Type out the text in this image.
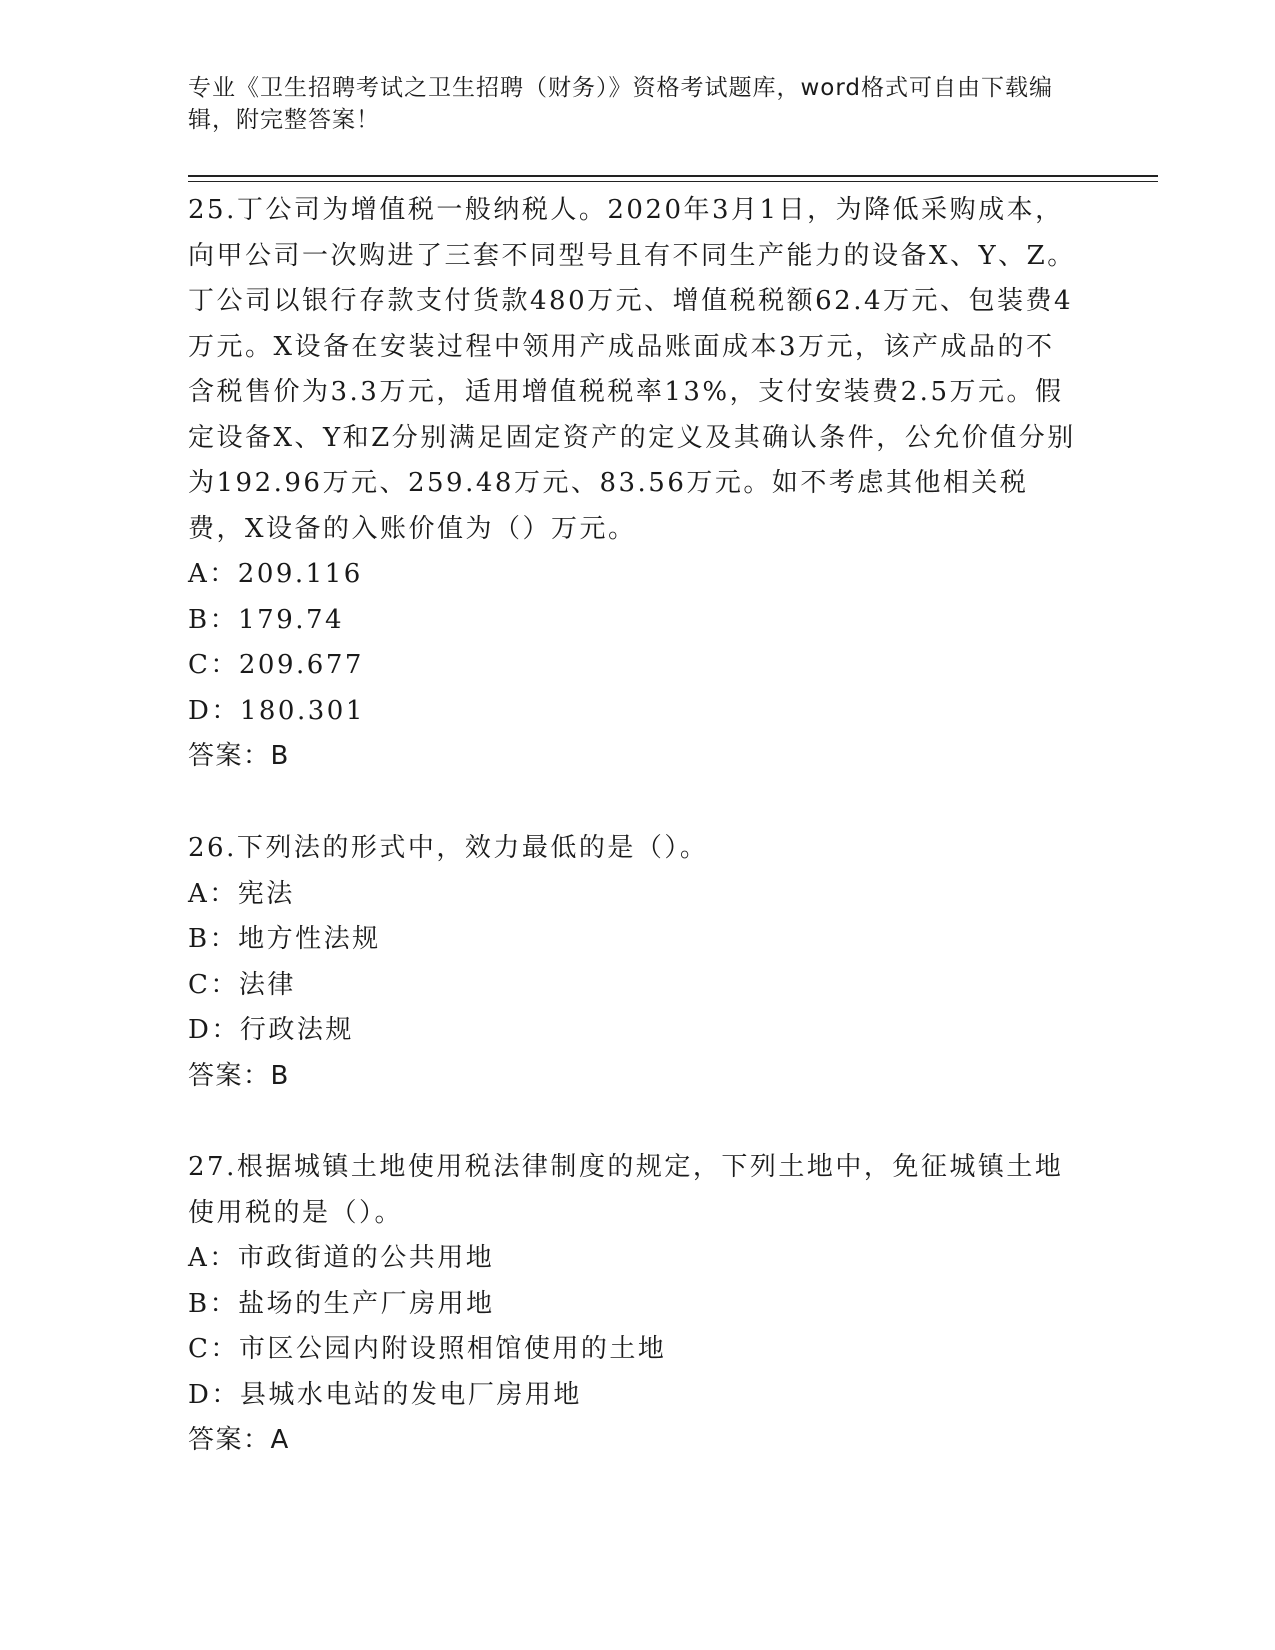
专业《卫生招聘考试之卫生招聘（财务）》资格考试题库，word格式可自由下载编辑，附完整答案！

25.丁公司为增值税一般纳税人。2020年3月1日，为降低采购成本，向甲公司一次购进了三套不同型号且有不同生产能力的设备X、Y、Z。丁公司以银行存款支付货款480万元、增值税税额62.4万元、包装费4万元。X设备在安装过程中领用产成品账面成本3万元，该产成品的不含税售价为3.3万元，适用增值税税率13%，支付安装费2.5万元。假定设备X、Y和Z分别满足固定资产的定义及其确认条件，公允价值分别为192.96万元、259.48万元、83.56万元。如不考虑其他相关税费，X设备的入账价值为（）万元。

A：209.116

B：179.74

C：209.677

D：180.301

答案：B

26.下列法的形式中，效力最低的是（）。

A：宪法

B：地方性法规

C：法律

D：行政法规

答案：B

27.根据城镇土地使用税法律制度的规定，下列土地中，免征城镇土地使用税的是（）。

A：市政街道的公共用地

B：盐场的生产厂房用地

C：市区公园内附设照相馆使用的土地

D：县城水电站的发电厂房用地

答案：A
